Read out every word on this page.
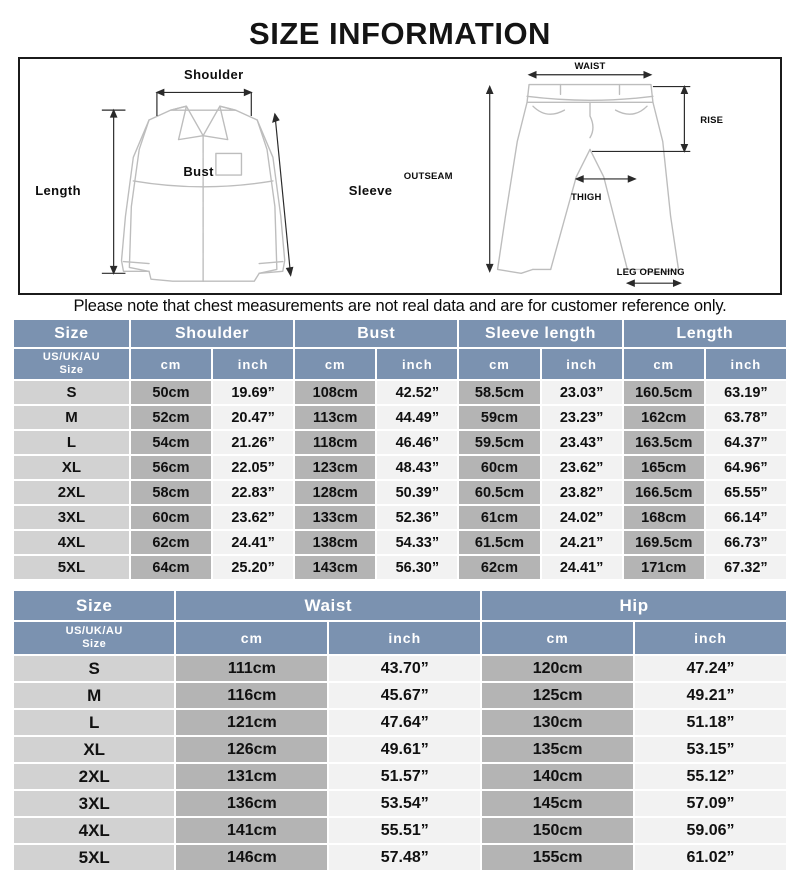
SIZE INFORMATION
Shoulder
Bust
Length	Sleeve
WAIST
RISE
OUTSEAM
THIGH
LEG OPENING
Please note that chest measurements are not real data and are for customer reference only.
Size	Shoulder		Bust		Sleeve length		Length	

US/UK/AU
Size	cm	inch	cm	inch	cm	inch	cm	inch
S	50cm	19.69”	108cm	42.52”	58.5cm	23.03”	160.5cm	63.19”
M	52cm	20.47”	113cm	44.49”	59cm	23.23”	162cm	63.78”
L	54cm	21.26”	118cm	46.46”	59.5cm	23.43”	163.5cm	64.37”
XL	56cm	22.05”	123cm	48.43”	60cm	23.62”	165cm	64.96”
2XL	58cm	22.83”	128cm	50.39”	60.5cm	23.82”	166.5cm	65.55”
3XL	60cm	23.62”	133cm	52.36”	61cm	24.02”	168cm	66.14”
4XL	62cm	24.41”	138cm	54.33”	61.5cm	24.21”	169.5cm	66.73”
5XL	64cm	25.20”	143cm	56.30”	62cm	24.41”	171cm	67.32”
Size	Waist		Hip	

US/UK/AU
Size	cm	inch	cm	inch
S	111cm	43.70”	120cm	47.24”
M	116cm	45.67”	125cm	49.21”
L	121cm	47.64”	130cm	51.18”
XL	126cm	49.61”	135cm	53.15”
2XL	131cm	51.57”	140cm	55.12”
3XL	136cm	53.54”	145cm	57.09”
4XL	141cm	55.51”	150cm	59.06”
5XL	146cm	57.48”	155cm	61.02”
